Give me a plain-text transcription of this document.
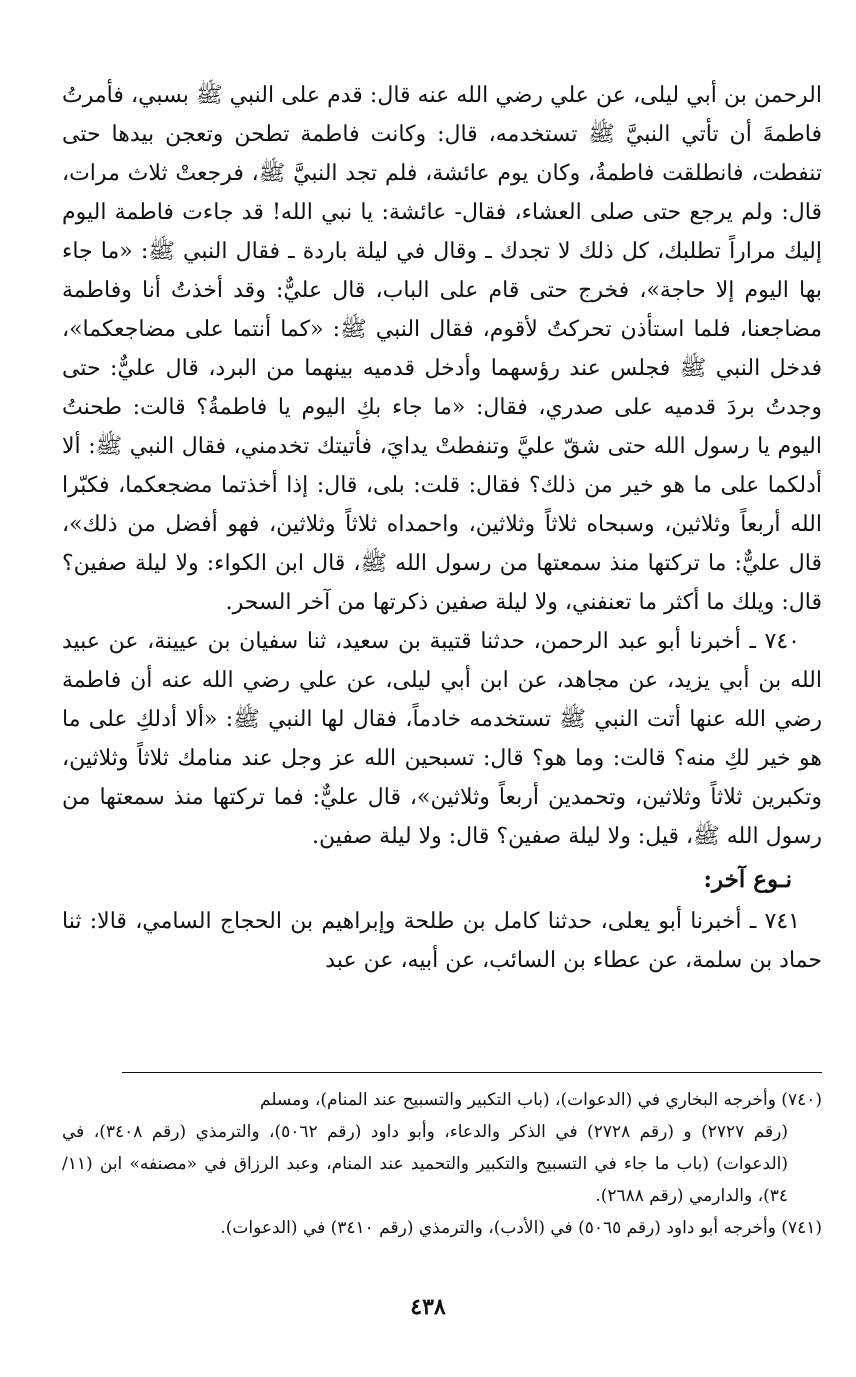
الرحمن بن أبي ليلى، عن علي رضي الله عنه قال: قدم على النبي ﷺ بسبي، فأمرتُ فاطمةَ أن تأتي النبيَّ ﷺ تستخدمه، قال: وكانت فاطمة تطحن وتعجن بيدها حتى تنفطت، فانطلقت فاطمةُ، وكان يوم عائشة، فلم تجد النبيَّ ﷺ، فرجعتْ ثلاث مرات، قال: ولم يرجع حتى صلى العشاء، فقال- عائشة: يا نبي الله! قد جاءت فاطمة اليوم إليك مراراً تطلبك، كل ذلك لا تجدك ـ وقال في ليلة باردة ـ فقال النبي ﷺ: «ما جاء بها اليوم إلا حاجة»، فخرج حتى قام على الباب، قال عليٌّ: وقد أخذتُ أنا وفاطمة مضاجعنا، فلما استأذن تحركتُ لأقوم، فقال النبي ﷺ: «كما أنتما على مضاجعكما»، فدخل النبي ﷺ فجلس عند رؤسهما وأدخل قدميه بينهما من البرد، قال عليٌّ: حتى وجدتُ بردَ قدميه على صدري، فقال: «ما جاء بكِ اليوم يا فاطمةُ؟ قالت: طحنتُ اليوم يا رسول الله حتى شقّ عليَّ وتنفطتْ يدايَ، فأتيتك تخدمني، فقال النبي ﷺ: ألا أدلكما على ما هو خير من ذلك؟ فقال: قلت: بلى، قال: إذا أخذتما مضجعكما، فكبّرا الله أربعاً وثلاثين، وسبحاه ثلاثاً وثلاثين، واحمداه ثلاثاً وثلاثين، فهو أفضل من ذلك»، قال عليٌّ: ما تركتها منذ سمعتها من رسول الله ﷺ، قال ابن الكواء: ولا ليلة صفين؟ قال: ويلك ما أكثر ما تعنفني، ولا ليلة صفين ذكرتها من آخر السحر.

٧٤٠ ـ أخبرنا أبو عبد الرحمن، حدثنا قتيبة بن سعيد، ثنا سفيان بن عيينة، عن عبيد الله بن أبي يزيد، عن مجاهد، عن ابن أبي ليلى، عن علي رضي الله عنه أن فاطمة رضي الله عنها أتت النبي ﷺ تستخدمه خادماً، فقال لها النبي ﷺ: «ألا أدلكِ على ما هو خير لكِ منه؟ قالت: وما هو؟ قال: تسبحين الله عز وجل عند منامك ثلاثاً وثلاثين، وتكبرين ثلاثاً وثلاثين، وتحمدين أربعاً وثلاثين»، قال عليٌّ: فما تركتها منذ سمعتها من رسول الله ﷺ، قيل: ولا ليلة صفين؟ قال: ولا ليلة صفين.

نـوع آخر:

٧٤١ ـ أخبرنا أبو يعلى، حدثنا كامل بن طلحة وإبراهيم بن الحجاج السامي، قالا: ثنا حماد بن سلمة، عن عطاء بن السائب، عن أبيه، عن عبد

(٧٤٠) وأخرجه البخاري في (الدعوات)، (باب التكبير والتسبيح عند المنام)، ومسلم
(رقم ٢٧٢٧) و (رقم ٢٧٢٨) في الذكر والدعاء، وأبو داود (رقم ٥٠٦٢)، والترمذي (رقم ٣٤٠٨)، في (الدعوات) (باب ما جاء في التسبيح والتكبير والتحميد عند المنام، وعبد الرزاق في «مصنفه» ابن (١١/ ٣٤)، والدارمي (رقم ٢٦٨٨).

(٧٤١) وأخرجه أبو داود (رقم ٥٠٦٥) في (الأدب)، والترمذي (رقم ٣٤١٠) في (الدعوات).

٤٣٨
